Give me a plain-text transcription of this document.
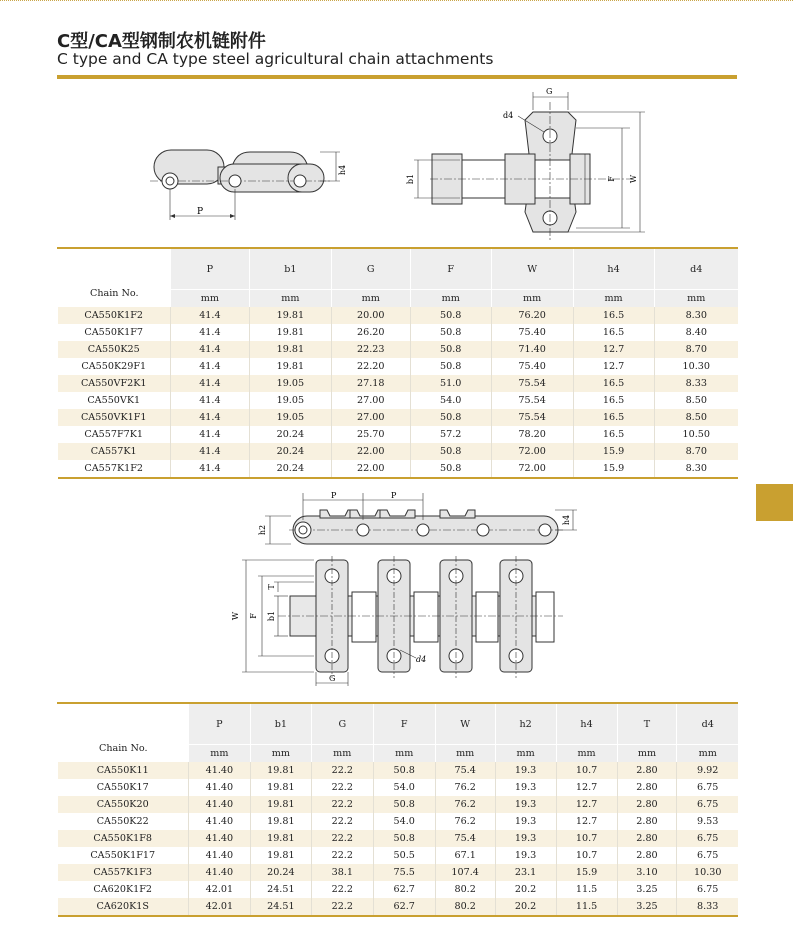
C型/CA型钢制农机链附件
C type and CA type steel agricultural chain attachments
P
h4
G
d4
b1	F W
Chain No.	P	b1	G	F	W	h4	d4
	mm	mm	mm	mm	mm	mm	mm
CA550K1F2	41.4	19.81	20.00	50.8	76.20	16.5	8.30
CA550K1F7	41.4	19.81	26.20	50.8	75.40	16.5	8.40
CA550K25	41.4	19.81	22.23	50.8	71.40	12.7	8.70
CA550K29F1	41.4	19.81	22.20	50.8	75.40	12.7	10.30
CA550VF2K1	41.4	19.05	27.18	51.0	75.54	16.5	8.33
CA550VK1	41.4	19.05	27.00	54.0	75.54	16.5	8.50
CA550VK1F1	41.4	19.05	27.00	50.8	75.54	16.5	8.50
CA557F7K1	41.4	20.24	25.70	57.2	78.20	16.5	10.50
CA557K1	41.4	20.24	22.00	50.8	72.00	15.9	8.70
CA557K1F2	41.4	20.24	22.00	50.8	72.00	15.9	8.30
P	P
h2
h4
W F b1
T
G
d4
Chain No.	P	b1	G	F	W	h2	h4	T	d4
	mm	mm	mm	mm	mm	mm	mm	mm	mm
CA550K11	41.40	19.81	22.2	50.8	75.4	19.3	10.7	2.80	9.92
CA550K17	41.40	19.81	22.2	54.0	76.2	19.3	12.7	2.80	6.75
CA550K20	41.40	19.81	22.2	50.8	76.2	19.3	12.7	2.80	6.75
CA550K22	41.40	19.81	22.2	54.0	76.2	19.3	12.7	2.80	9.53
CA550K1F8	41.40	19.81	22.2	50.8	75.4	19.3	10.7	2.80	6.75
CA550K1F17	41.40	19.81	22.2	50.5	67.1	19.3	10.7	2.80	6.75
CA557K1F3	41.40	20.24	38.1	75.5	107.4	23.1	15.9	3.10	10.30
CA620K1F2	42.01	24.51	22.2	62.7	80.2	20.2	11.5	3.25	6.75
CA620K1S	42.01	24.51	22.2	62.7	80.2	20.2	11.5	3.25	8.33
